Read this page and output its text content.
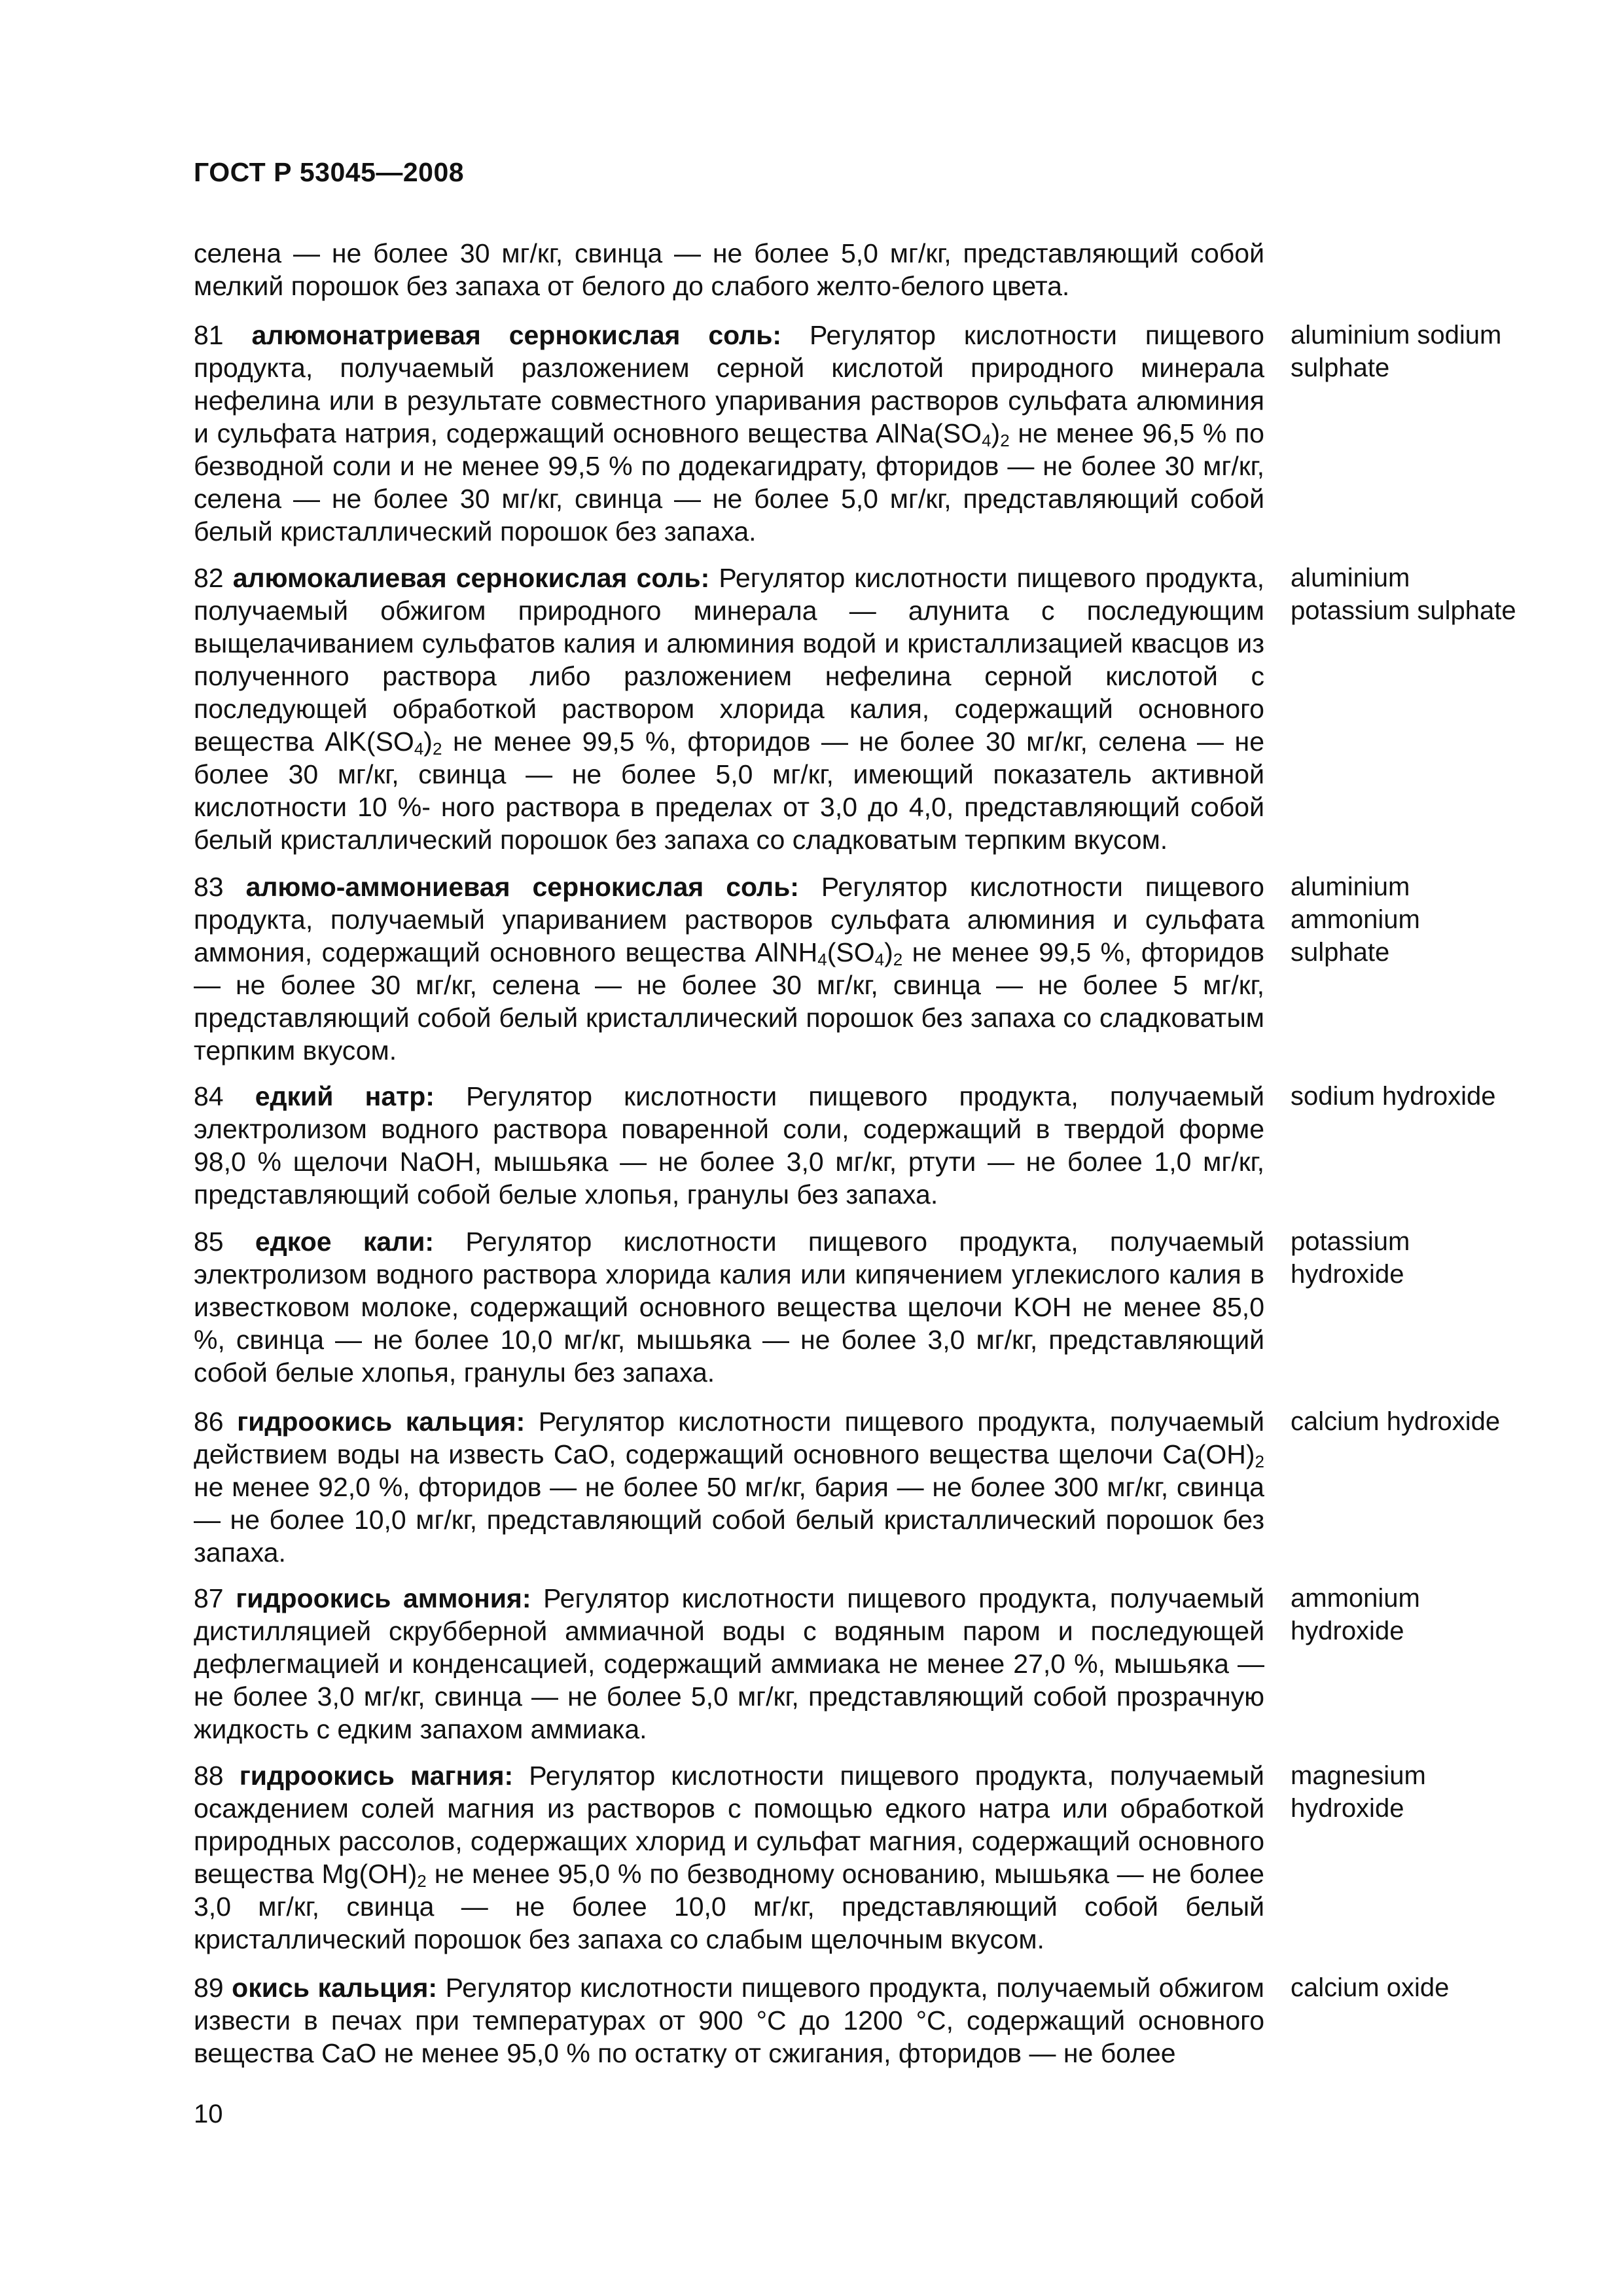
ГОСТ Р 53045—2008
селена — не более 30 мг/кг, свинца — не более 5,0 мг/кг, представляющий собой мелкий порошок без запаха от белого до слабого желто-белого цвета.
81 алюмонатриевая сернокислая соль: Регулятор кислотности пищевого продукта, получаемый разложением серной кислотой природного минерала нефелина или в результате совместного упаривания растворов сульфата алюминия и сульфата натрия, содержащий основного вещества $AlNa(SO_4)_2$ не менее 96,5 % по безводной соли и не менее 99,5 % по додекагидрату, фторидов — не более 30 мг/кг, селена — не более 30 мг/кг, свинца — не более 5,0 мг/кг, представляющий собой белый кристаллический порошок без запаха.
aluminium sodium sulphate
82 алюмокалиевая сернокислая соль: Регулятор кислотности пищевого продукта, получаемый обжигом природного минерала — алунита с последующим выщелачиванием сульфатов калия и алюминия водой и кристаллизацией квасцов из полученного раствора либо разложением нефелина серной кислотой с последующей обработкой раствором хлорида калия, содержащий основного вещества $AlK(SO_4)_2$ не менее 99,5 %, фторидов — не более 30 мг/кг, селена — не более 30 мг/кг, свинца — не более 5,0 мг/кг, имеющий показатель активной кислотности 10 %- ного раствора в пределах от 3,0 до 4,0, представляющий собой белый кристаллический порошок без запаха со сладковатым терпким вкусом.
aluminium potassium sulphate
83 алюмо-аммониевая сернокислая соль: Регулятор кислотности пищевого продукта, получаемый упариванием растворов сульфата алюминия и сульфата аммония, содержащий основного вещества $AlNH_4(SO_4)_2$ не менее 99,5 %, фторидов — не более 30 мг/кг, селена — не более 30 мг/кг, свинца — не более 5 мг/кг, представляющий собой белый кристаллический порошок без запаха со сладковатым терпким вкусом.
aluminium ammonium sulphate
84 едкий натр: Регулятор кислотности пищевого продукта, получаемый электролизом водного раствора поваренной соли, содержащий в твердой форме 98,0 % щелочи NaOH, мышьяка — не более 3,0 мг/кг, ртути — не более 1,0 мг/кг, представляющий собой белые хлопья, гранулы без запаха.
sodium hydroxide
85 едкое кали: Регулятор кислотности пищевого продукта, получаемый электролизом водного раствора хлорида калия или кипячением углекислого калия в известковом молоке, содержащий основного вещества щелочи KOH не менее 85,0 %, свинца — не более 10,0 мг/кг, мышьяка — не более 3,0 мг/кг, представляющий собой белые хлопья, гранулы без запаха.
potassium hydroxide
86 гидроокись кальция: Регулятор кислотности пищевого продукта, получаемый действием воды на известь CaO, содержащий основного вещества щелочи $Ca(OH)_2$ не менее 92,0 %, фторидов — не более 50 мг/кг, бария — не более 300 мг/кг, свинца — не более 10,0 мг/кг, представляющий собой белый кристаллический порошок без запаха.
calcium hydroxide
87 гидроокись аммония: Регулятор кислотности пищевого продукта, получаемый дистилляцией скрубберной аммиачной воды с водяным паром и последующей дефлегмацией и конденсацией, содержащий аммиака не менее 27,0 %, мышьяка — не более 3,0 мг/кг, свинца — не более 5,0 мг/кг, представляющий собой прозрачную жидкость с едким запахом аммиака.
ammonium hydroxide
88 гидроокись магния: Регулятор кислотности пищевого продукта, получаемый осаждением солей магния из растворов с помощью едкого натра или обработкой природных рассолов, содержащих хлорид и сульфат магния, содержащий основного вещества $Mg(OH)_2$ не менее 95,0 % по безводному основанию, мышьяка — не более 3,0 мг/кг, свинца — не более 10,0 мг/кг, представляющий собой белый кристаллический порошок без запаха со слабым щелочным вкусом.
magnesium hydroxide
89 окись кальция: Регулятор кислотности пищевого продукта, получаемый обжигом извести в печах при температурах от 900 °C до 1200 °C, содержащий основного вещества CaO не менее 95,0 % по остатку от сжигания, фторидов — не более
calcium oxide
10
